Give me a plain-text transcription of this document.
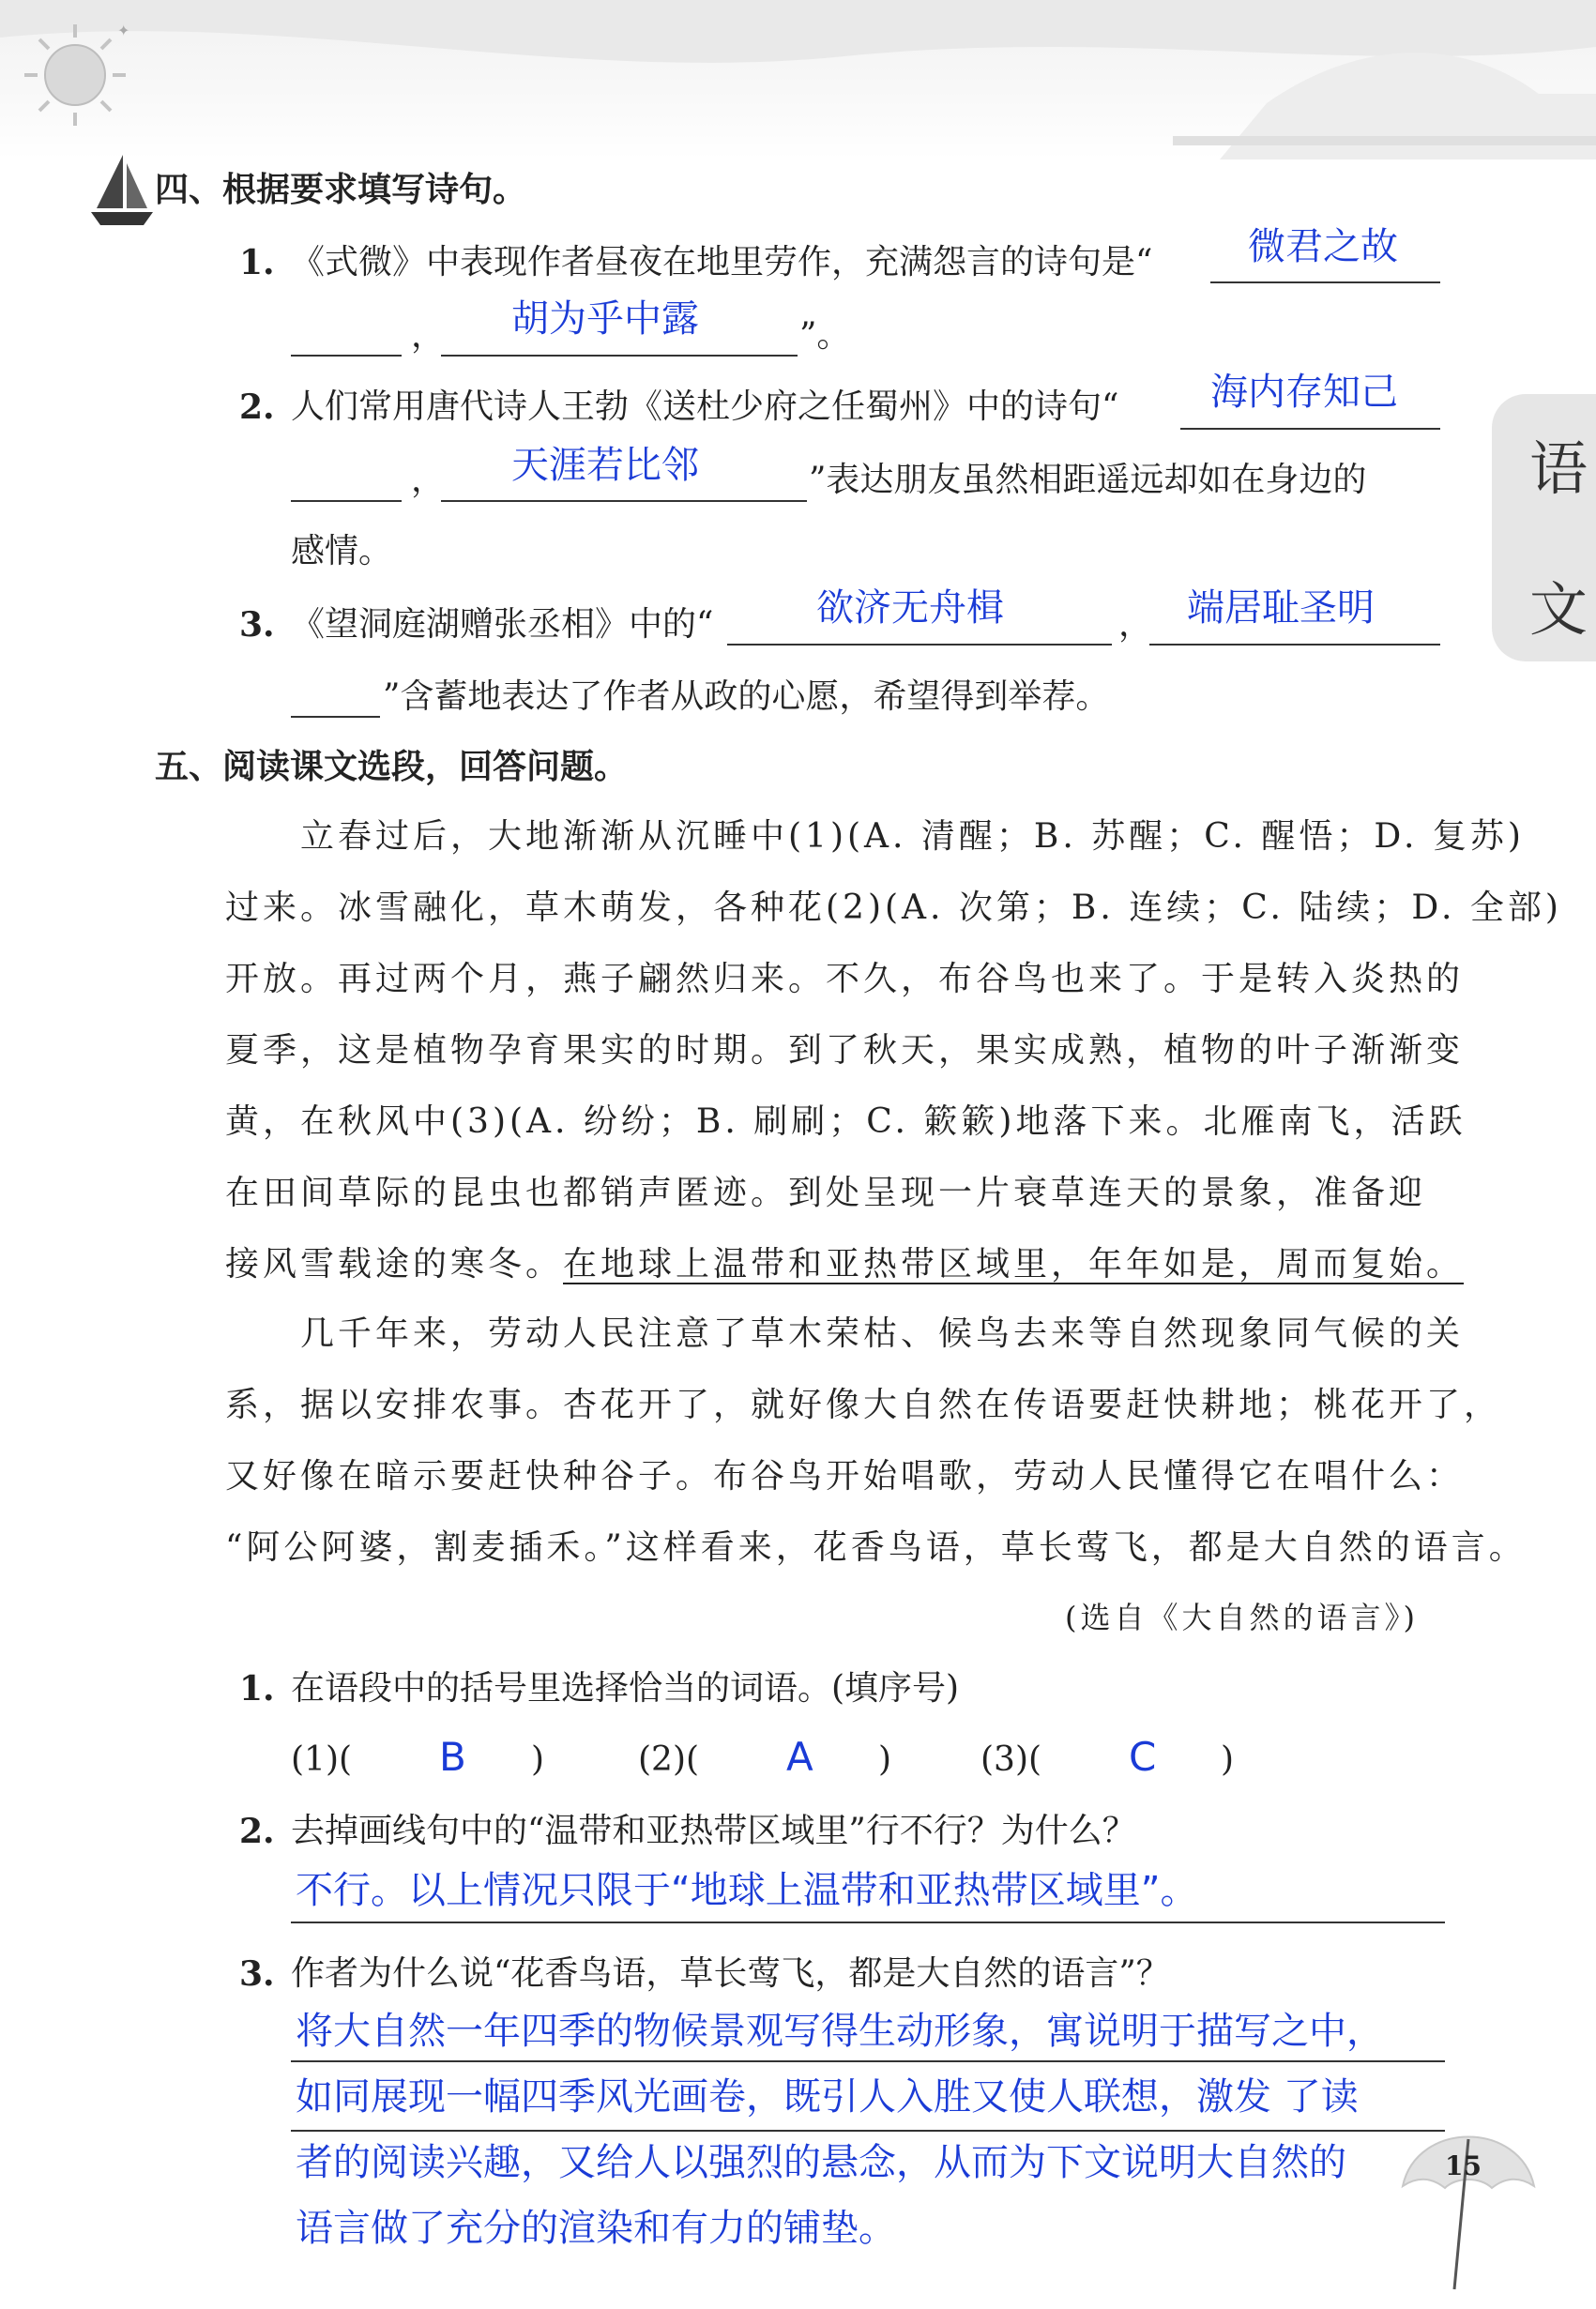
✦
语
文
四、根据要求填写诗句。
1. 《式微》中表现作者昼夜在地里劳作，充满怨言的诗句是“	微君之故
， 胡为乎中露	”。
2. 人们常用唐代诗人王勃《送杜少府之任蜀州》中的诗句“ 海内存知己
， 天涯若比邻	”表达朋友虽然相距遥远却如在身边的
感情。
3. 《望洞庭湖赠张丞相》中的“	欲济无舟楫	， 端居耻圣明
”含蓄地表达了作者从政的心愿，希望得到举荐。
五、阅读课文选段，回答问题。
立春过后，大地渐渐从沉睡中(1)(A. 清醒；B. 苏醒；C. 醒悟；D. 复苏)
过来。冰雪融化，草木萌发，各种花(2)(A. 次第；B. 连续；C. 陆续；D. 全部)
开放。再过两个月，燕子翩然归来。不久，布谷鸟也来了。于是转入炎热的
夏季，这是植物孕育果实的时期。到了秋天，果实成熟，植物的叶子渐渐变
黄，在秋风中(3)(A. 纷纷；B. 刷刷；C. 簌簌)地落下来。北雁南飞，活跃
在田间草际的昆虫也都销声匿迹。到处呈现一片衰草连天的景象，准备迎
接风雪载途的寒冬。 在地球上温带和亚热带区域里，年年如是，周而复始。
几千年来，劳动人民注意了草木荣枯、候鸟去来等自然现象同气候的关
系，据以安排农事。杏花开了，就好像大自然在传语要赶快耕地；桃花开了，
又好像在暗示要赶快种谷子。布谷鸟开始唱歌，劳动人民懂得它在唱什么：
“阿公阿婆，割麦插禾。”这样看来，花香鸟语，草长莺飞，都是大自然的语言。
(选自《大自然的语言》)
1. 在语段中的括号里选择恰当的词语。(填序号)
(1)( B )	(2)( A )	(3)( C )
2. 去掉画线句中的“温带和亚热带区域里”行不行？为什么？
不行。以上情况只限于“地球上温带和亚热带区域里”。
3. 作者为什么说“花香鸟语，草长莺飞，都是大自然的语言”？
将大自然一年四季的物候景观写得生动形象，寓说明于描写之中，
如同展现一幅四季风光画卷，既引人入胜又使人联想，激发 了读
者的阅读兴趣，又给人以强烈的悬念，从而为下文说明大自然的
语言做了充分的渲染和有力的铺垫。
15
